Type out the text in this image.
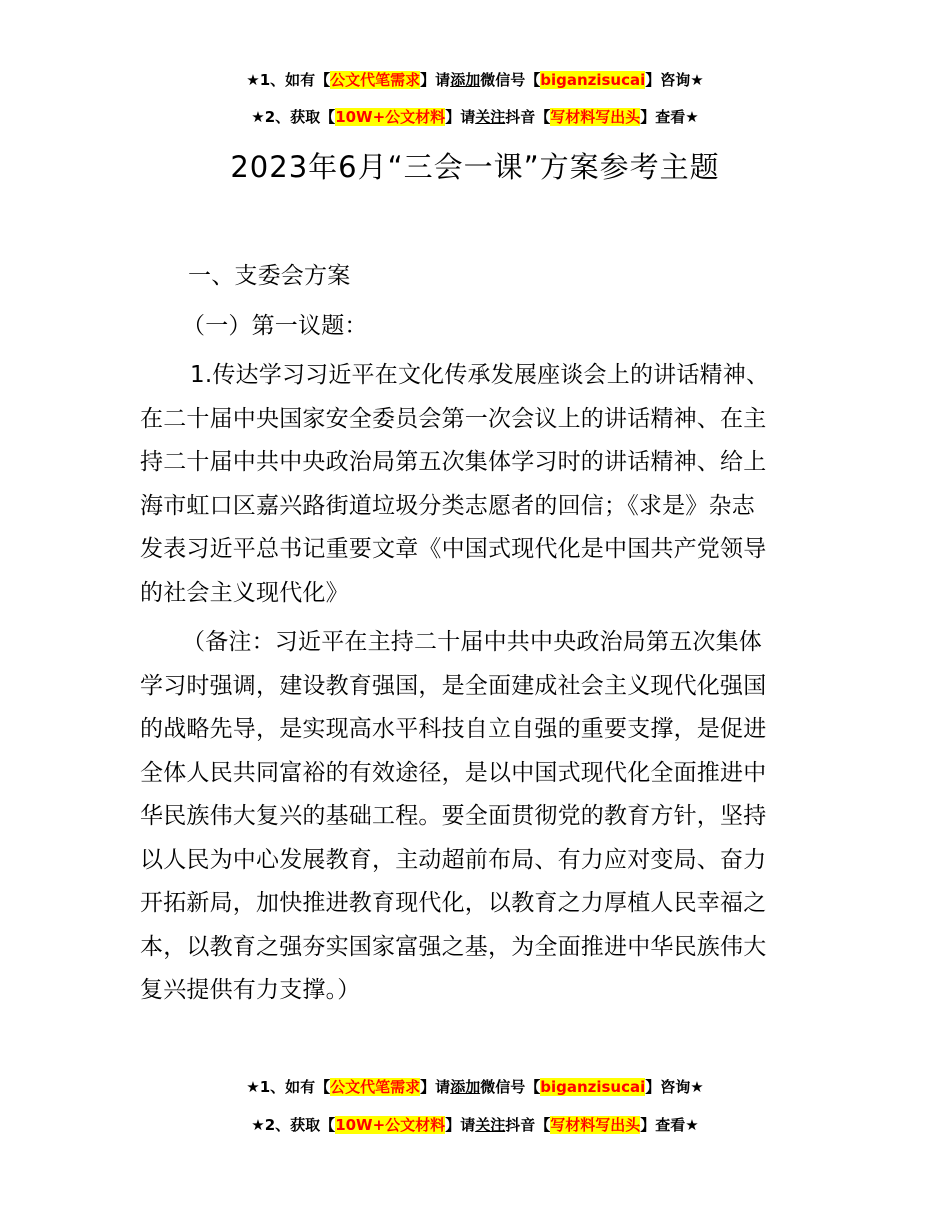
★1、如有【公文代笔需求】请添加微信号【biganzisucai】咨询★
★2、获取【10W+公文材料】请关注抖音【写材料写出头】查看★
2023年6月“三会一课”方案参考主题

一、支委会方案

（一）第一议题：

1.传达学习习近平在文化传承发展座谈会上的讲话精神、
在二十届中央国家安全委员会第一次会议上的讲话精神、在主
持二十届中共中央政治局第五次集体学习时的讲话精神、给上
海市虹口区嘉兴路街道垃圾分类志愿者的回信；《求是》杂志
发表习近平总书记重要文章《中国式现代化是中国共产党领导
的社会主义现代化》
（备注：习近平在主持二十届中共中央政治局第五次集体
学习时强调，建设教育强国，是全面建成社会主义现代化强国
的战略先导，是实现高水平科技自立自强的重要支撑，是促进
全体人民共同富裕的有效途径，是以中国式现代化全面推进中
华民族伟大复兴的基础工程。要全面贯彻党的教育方针，坚持
以人民为中心发展教育，主动超前布局、有力应对变局、奋力
开拓新局，加快推进教育现代化，以教育之力厚植人民幸福之
本，以教育之强夯实国家富强之基，为全面推进中华民族伟大
复兴提供有力支撑。）
★1、如有【公文代笔需求】请添加微信号【biganzisucai】咨询★
★2、获取【10W+公文材料】请关注抖音【写材料写出头】查看★
